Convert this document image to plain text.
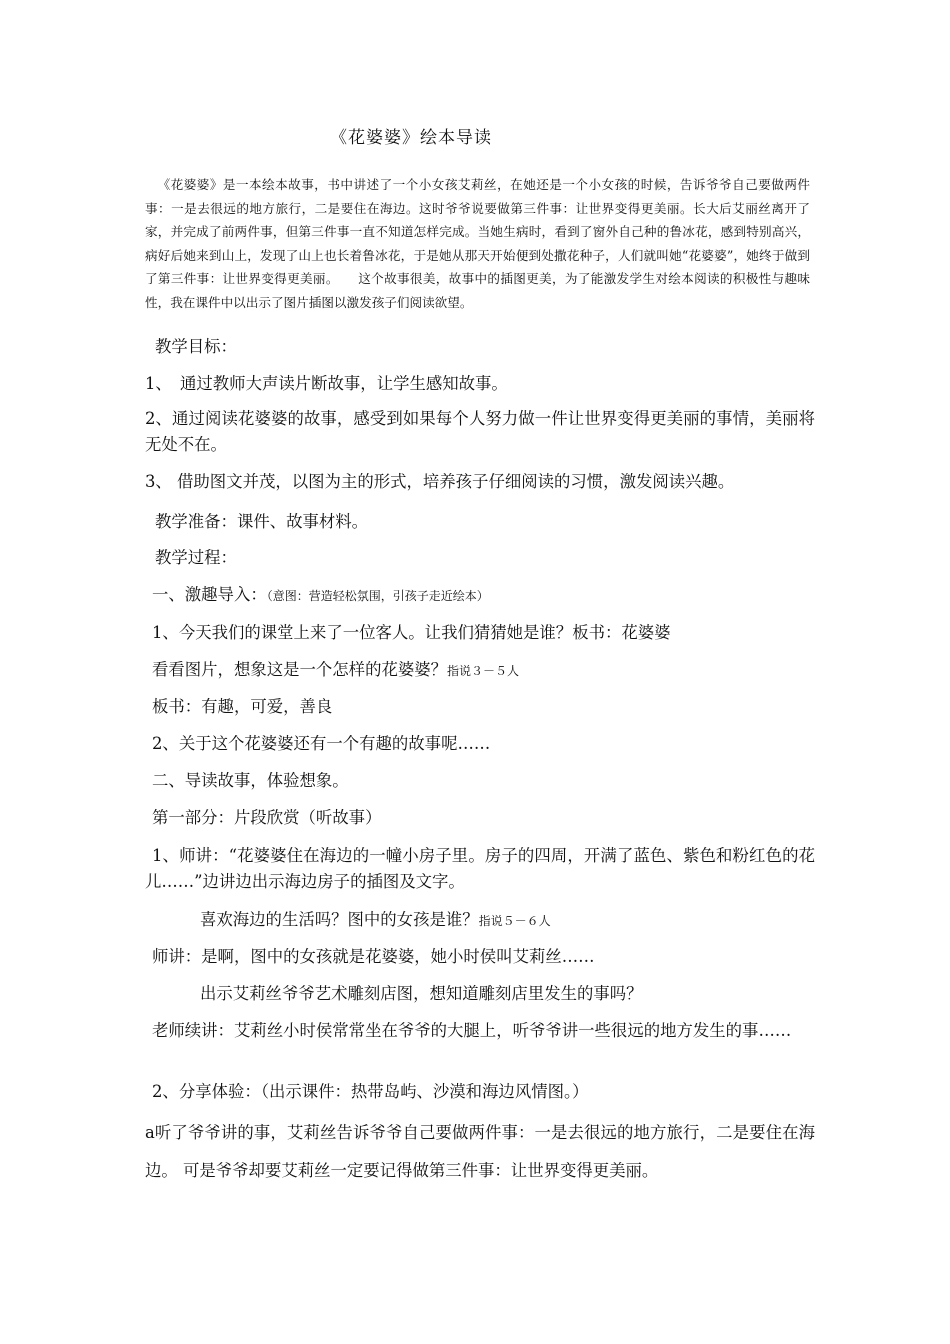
《花婆婆》绘本导读
《花婆婆》是一本绘本故事，书中讲述了一个小女孩艾莉丝，在她还是一个小女孩的时候，告诉爷爷自己要做两件事：一是去很远的地方旅行，二是要住在海边。这时爷爷说要做第三件事：让世界变得更美丽。长大后艾丽丝离开了家，并完成了前两件事，但第三件事一直不知道怎样完成。当她生病时，看到了窗外自己种的鲁冰花，感到特别高兴，病好后她来到山上，发现了山上也长着鲁冰花，于是她从那天开始便到处撒花种子，人们就叫她“花婆婆”，她终于做到了第三件事：让世界变得更美丽。　　这个故事很美，故事中的插图更美，为了能激发学生对绘本阅读的积极性与趣味性，我在课件中以出示了图片插图以激发孩子们阅读欲望。
教学目标：
1、　通过教师大声读片断故事，让学生感知故事。
2、通过阅读花婆婆的故事，感受到如果每个人努力做一件让世界变得更美丽的事情，美丽将无处不在。
3、 借助图文并茂，以图为主的形式，培养孩子仔细阅读的习惯，激发阅读兴趣。
教学准备：课件、故事材料。
教学过程：
一、激趣导入：（意图：营造轻松氛围，引孩子走近绘本）
1、今天我们的课堂上来了一位客人。让我们猜猜她是谁？板书：花婆婆
看看图片，想象这是一个怎样的花婆婆？指说３－５人
板书：有趣，可爱，善良
2、关于这个花婆婆还有一个有趣的故事呢……
二、导读故事，体验想象。
第一部分：片段欣赏（听故事）
1、师讲：“花婆婆住在海边的一幢小房子里。房子的四周，开满了蓝色、紫色和粉红色的花儿……”边讲边出示海边房子的插图及文字。
喜欢海边的生活吗？图中的女孩是谁？指说５－６人
师讲：是啊，图中的女孩就是花婆婆，她小时侯叫艾莉丝……
出示艾莉丝爷爷艺术雕刻店图，想知道雕刻店里发生的事吗？
老师续讲：艾莉丝小时侯常常坐在爷爷的大腿上，听爷爷讲一些很远的地方发生的事……
2、分享体验：（出示课件：热带岛屿、沙漠和海边风情图。）
a听了爷爷讲的事，艾莉丝告诉爷爷自己要做两件事：一是去很远的地方旅行，二是要住在海边。 可是爷爷却要艾莉丝一定要记得做第三件事：让世界变得更美丽。
